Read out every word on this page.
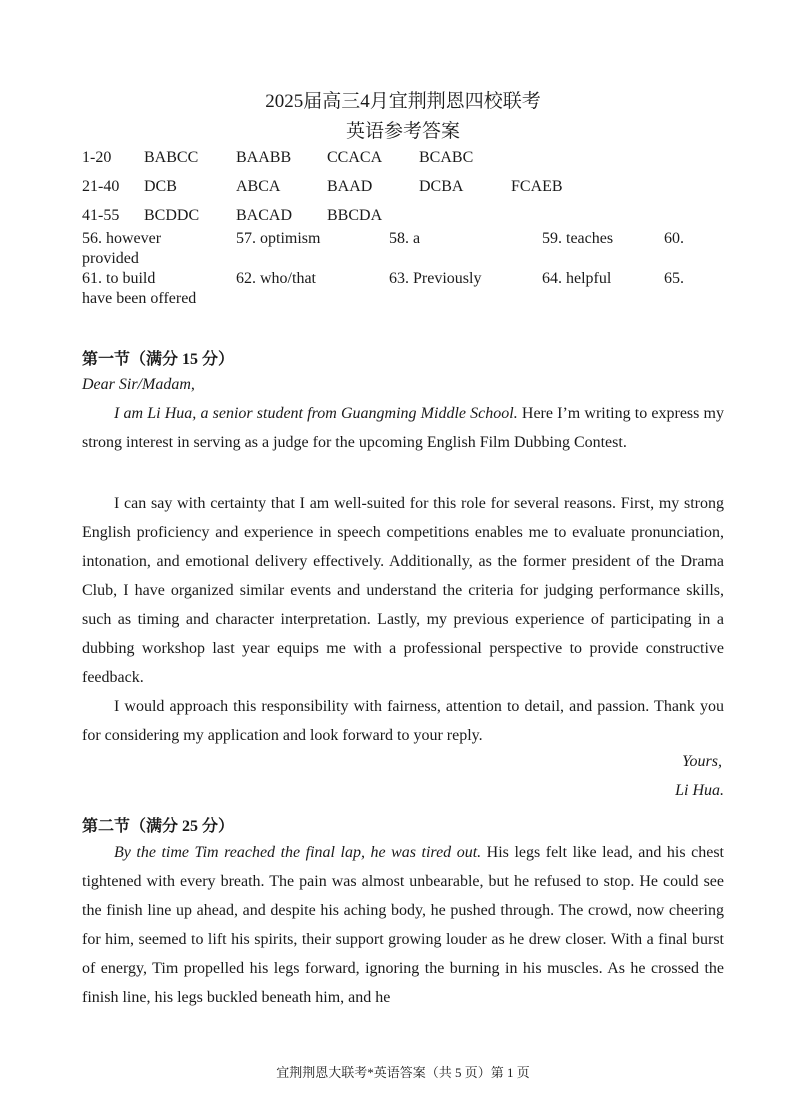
2025届高三4月宜荆荆恩四校联考
英语参考答案
1-20 BABCC BAABB CCACA BCABC
21-40 DCB	ABCA	BAAD	DCBA	FCAEB
41-55 BCDDC BACAD BBCDA
56. however	57. optimism	58. a	59. teaches	60.
provided
61. to build	62. who/that	63. Previously	64. helpful	65.
have been offered
第一节（满分 15 分）
Dear Sir/Madam,

I am Li Hua, a senior student from Guangming Middle School. Here I’m writing to express my strong interest in serving as a judge for the upcoming English Film Dubbing Contest.

I can say with certainty that I am well-suited for this role for several reasons. First, my strong English proficiency and experience in speech competitions enables me to evaluate pronunciation, intonation, and emotional delivery effectively. Additionally, as the former president of the Drama Club, I have organized similar events and understand the criteria for judging performance skills, such as timing and character interpretation. Lastly, my previous experience of participating in a dubbing workshop last year equips me with a professional perspective to provide constructive feedback.

I would approach this responsibility with fairness, attention to detail, and passion. Thank you for considering my application and look forward to your reply.

Yours,
Li Hua.
第二节（满分 25 分）

By the time Tim reached the final lap, he was tired out. His legs felt like lead, and his chest tightened with every breath. The pain was almost unbearable, but he refused to stop. He could see the finish line up ahead, and despite his aching body, he pushed through. The crowd, now cheering for him, seemed to lift his spirits, their support growing louder as he drew closer. With a final burst of energy, Tim propelled his legs forward, ignoring the burning in his muscles. As he crossed the finish line, his legs buckled beneath him, and he

宜荆荆恩大联考*英语答案（共 5 页）第 1 页
